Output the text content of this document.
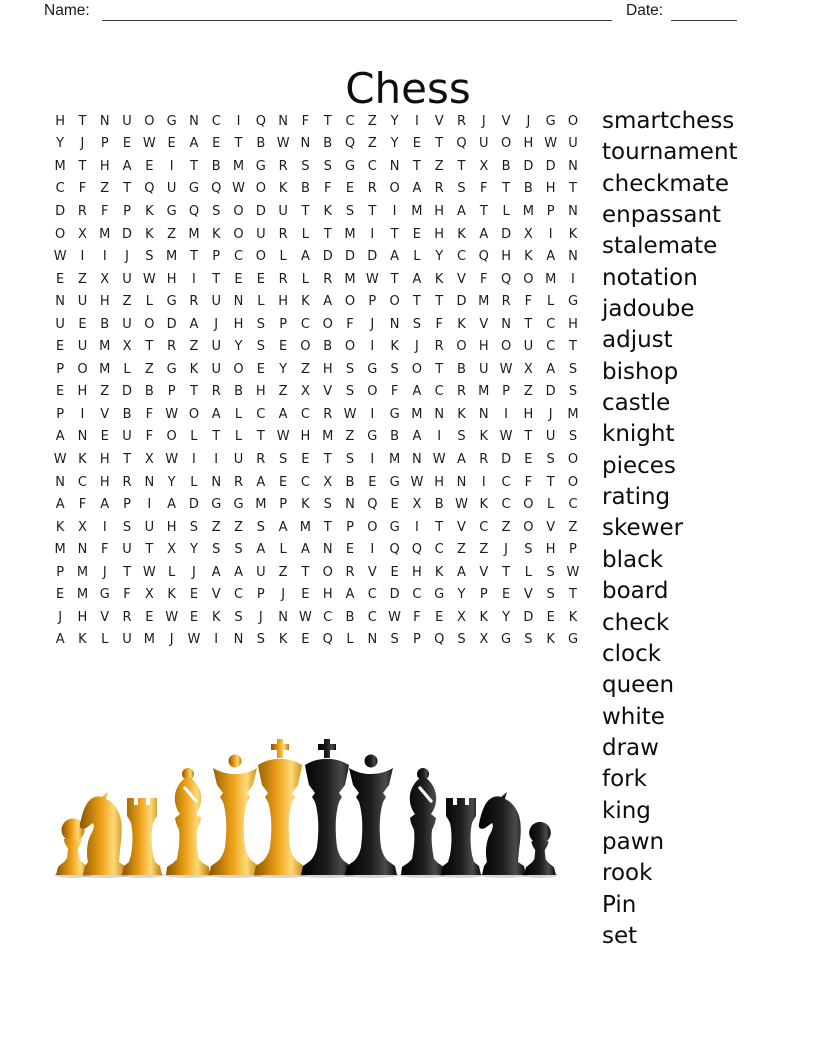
Name:	Date:
Chess
H	T	N U O G N C	I	Q N	F	T	C	Z	Y	I	V	R	J	V	J	G O
Y	J	P	E W E	A	E	T	B W N B Q Z	Y	E	T	Q U O H W U
M T	H A	E	I	T	B M G R	S	S	G C N	T	Z	T	X	B D D N
C	F	Z	T	Q U G Q W O K	B	F	E	R O A	R	S	F	T	B H	T
D R	F	P	K	G Q	S	O D U	T	K	S	T	I	M H A	T	L	M P	N
O X M D	K	Z M K O U	R	L	T M	I	T	E	H	K	A D X	I	K
W	I	I	J	S M T	P	C O	L	A D D D A	L	Y	C Q H	K	A N
E	Z	X	U W H	I	T	E	E	R	L	R M W T	A	K	V	F	Q O M	I
N U H Z	L	G R	U N	L	H	K	A O	P	O	T	T	D M R	F	L	G
U	E	B	U O D A	J	H	S	P	C O	F	J	N	S	F	K	V N	T	C H
E	U M X	T	R	Z	U	Y	S	E	O B O	I	K	J	R O H O U	C	T
P	O M	L	Z G K	U O	E	Y	Z H	S	G	S	O	T	B	U W X	A	S
E	H Z D B	P	T	R	B H Z	X	V	S	O	F	A	C	R M P	Z D	S
P	I	V	B	F W O A	L	C	A	C	R W	I	G M N	K	N	I	H	J	M
A N	E	U	F	O	L	T	L	T W H M Z G B	A	I	S	K W T	U	S
W K	H	T	X W	I	I	U	R	S	E	T	S	I	M N W A	R D	E	S	O
N C H R N	Y	L	N R	A	E	C	X	B	E	G W H N	I	C	F	T	O
A	F	A	P	I	A D G G M P	K	S	N Q	E	X	B W K	C O	L	C
K	X	I	S	U H	S	Z	Z	S	A M T	P	O G	I	T	V	C	Z O V	Z
M N	F	U	T	X	Y	S	S	A	L	A N	E	I	Q Q C	Z	Z	J	S	H	P
P M	J	T W L	J	A	A	U	Z	T	O R	V	E	H	K	A	V	T	L	S W
E M G	F	X	K	E	V	C	P	J	E	H A	C D C G	Y	P	E	V	S	T
J	H V	R	E W E	K	S	J	N W C	B	C W F	E	X	K	Y	D	E	K
A	K	L	U M	J	W	I	N	S	K	E	Q	L	N	S	P	Q	S	X G	S	K	G
smartchess
tournament
checkmate
enpassant
stalemate
notation
jadoube
adjust
bishop
castle
knight
pieces
rating
skewer
black
board
check
clock
queen
white
draw
fork
king
pawn
rook
Pin
set
